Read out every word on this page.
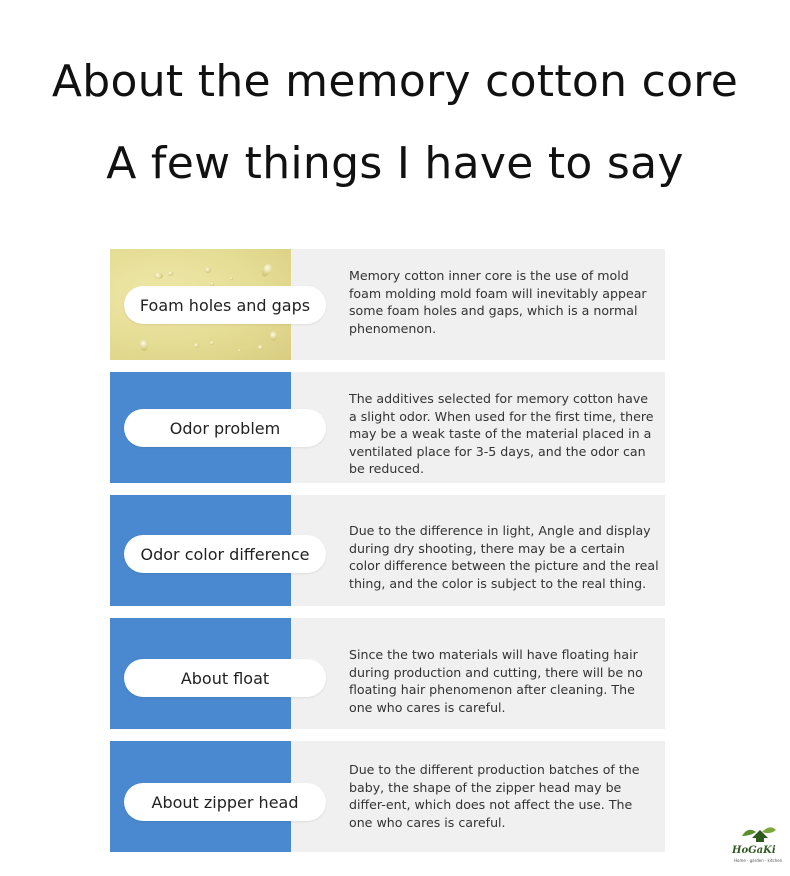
About the memory cotton core
A few things I have to say
Foam holes and gaps

Memory cotton inner core is the use of mold foam molding mold foam will inevitably appear some foam holes and gaps, which is a normal phenomenon.

Odor problem

The additives selected for memory cotton have a slight odor. When used for the first time, there may be a weak taste of the material placed in a ventilated place for 3-5 days, and the odor can be reduced.

Odor color difference

Due to the difference in light, Angle and display during dry shooting, there may be a certain color difference between the picture and the real thing, and the color is subject to the real thing.

About float

Since the two materials will have floating hair during production and cutting, there will be no floating hair phenomenon after cleaning. The one who cares is careful.

About zipper head

Due to the different production batches of the baby, the shape of the zipper head may be differ-ent, which does not affect the use. The one who cares is careful.

HoGaKi
Home · garden · kitchen
